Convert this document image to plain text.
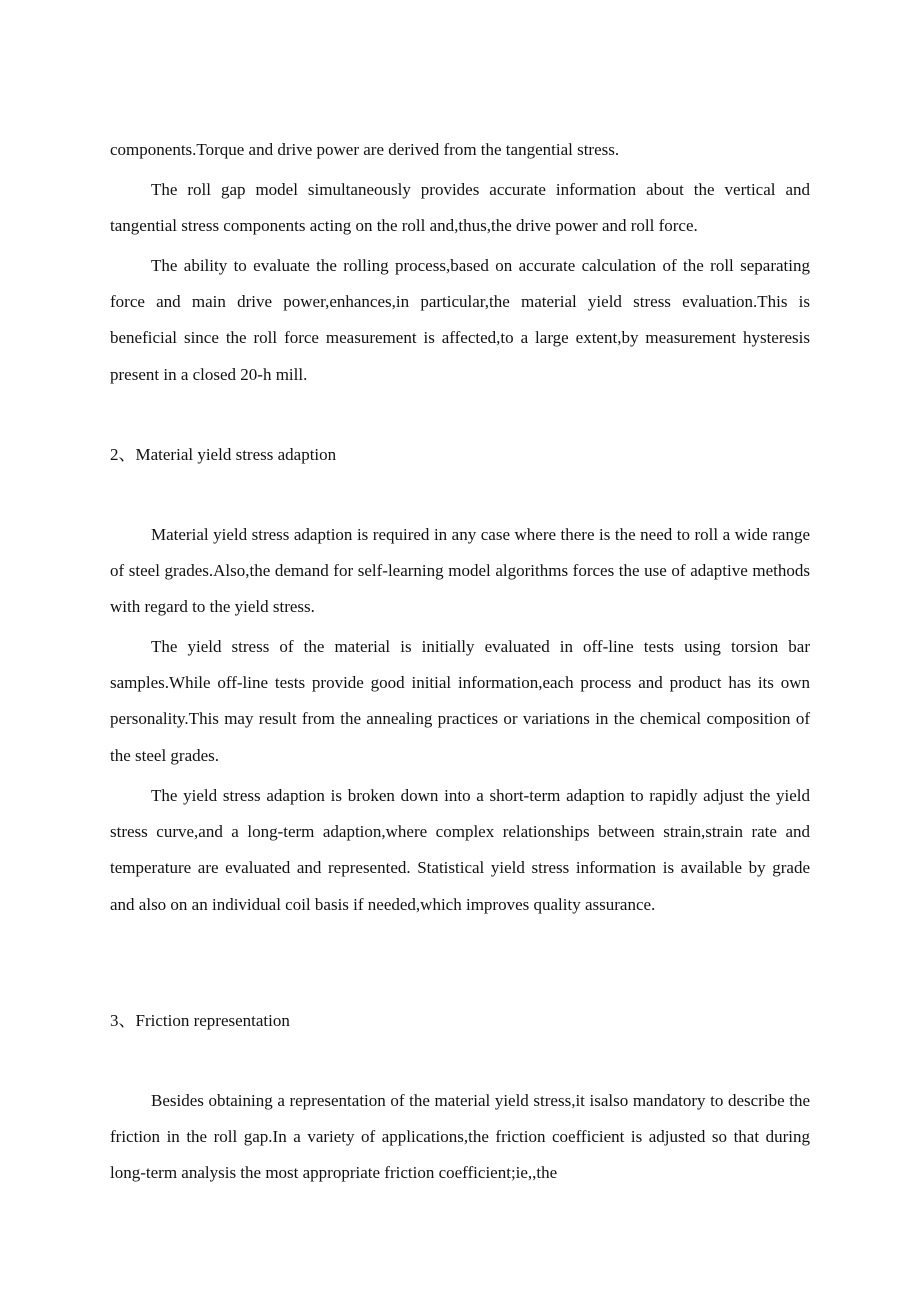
components.Torque and drive power are derived from the tangential stress.

The roll gap model simultaneously provides accurate information about the vertical and tangential stress components acting on the roll and,thus,the drive power and roll force.

The ability to evaluate the rolling process,based on accurate calculation of the roll separating force and main drive power,enhances,in particular,the material yield stress evaluation.This is beneficial since the roll force measurement is affected,to a large extent,by measurement hysteresis present in a closed 20-h mill.

2、Material yield stress adaption

Material yield stress adaption is required in any case where there is the need to roll a wide range of steel grades.Also,the demand for self-learning model algorithms forces the use of adaptive methods with regard to the yield stress.

The yield stress of the material is initially evaluated in off-line tests using torsion bar samples.While off-line tests provide good initial information,each process and product has its own personality.This may result from the annealing practices or variations in the chemical composition of the steel grades.

The yield stress adaption is broken down into a short-term adaption to rapidly adjust the yield stress curve,and a long-term adaption,where complex relationships between strain,strain rate and temperature are evaluated and represented. Statistical yield stress information is available by grade and also on an individual coil basis if needed,which improves quality assurance.

3、Friction representation

Besides obtaining a representation of the material yield stress,it isalso mandatory to describe the friction in the roll gap.In a variety of applications,the friction coefficient is adjusted so that during long-term analysis the most appropriate friction coefficient;ie,,the
